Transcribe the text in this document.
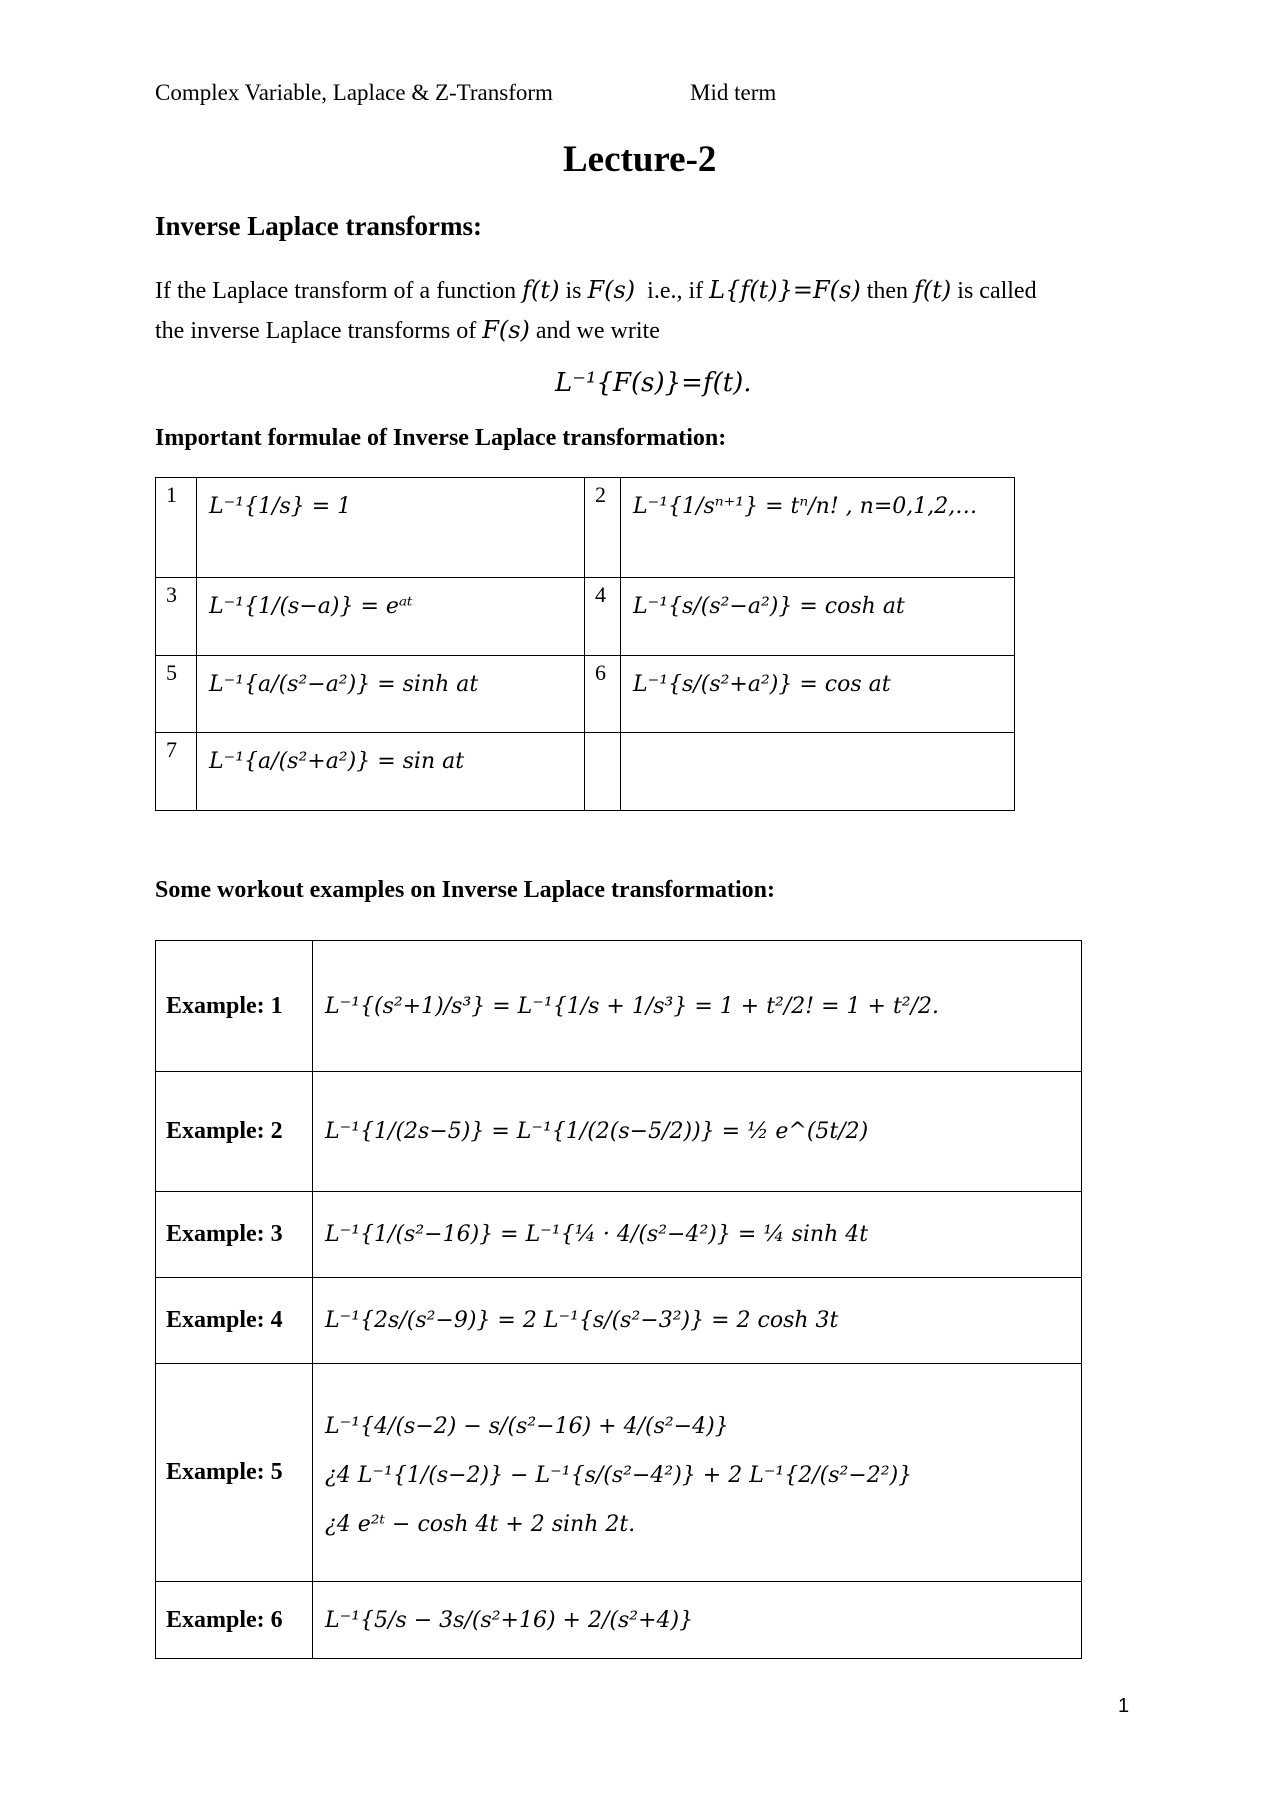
Complex Variable, Laplace & Z-Transform	Mid term
Lecture-2
Inverse Laplace transforms:
If the Laplace transform of a function f(t) is F(s) i.e., if L{f(t)}=F(s) then f(t) is called
the inverse Laplace transforms of F(s) and we write
L⁻¹{F(s)}=f(t).
Important formulae of Inverse Laplace transformation:
1	L⁻¹{1/s} = 1	2	L⁻¹{1/sⁿ⁺¹} = tⁿ/n! , n=0,1,2,…
3	L⁻¹{1/(s−a)} = eᵃᵗ	4	L⁻¹{s/(s²−a²)} = cosh at
5	L⁻¹{a/(s²−a²)} = sinh at	6	L⁻¹{s/(s²+a²)} = cos at
7	L⁻¹{a/(s²+a²)} = sin at		
Some workout examples on Inverse Laplace transformation:
Example: 1	L⁻¹{(s²+1)/s³} = L⁻¹{1/s + 1/s³} = 1 + t²/2! = 1 + t²/2.

Example: 2	L⁻¹{1/(2s−5)} = L⁻¹{1/(2(s−5/2))} = ½ e^(5t/2)

Example: 3	L⁻¹{1/(s²−16)} = L⁻¹{¼ · 4/(s²−4²)} = ¼ sinh 4t

Example: 4	L⁻¹{2s/(s²−9)} = 2 L⁻¹{s/(s²−3²)} = 2 cosh 3t

Example: 5	L⁻¹{4/(s−2) − s/(s²−16) + 4/(s²−4)}
¿4 L⁻¹{1/(s−2)} − L⁻¹{s/(s²−4²)} + 2 L⁻¹{2/(s²−2²)}
¿4 e²ᵗ − cosh 4t + 2 sinh 2t.

Example: 6	L⁻¹{5/s − 3s/(s²+16) + 2/(s²+4)}
1
